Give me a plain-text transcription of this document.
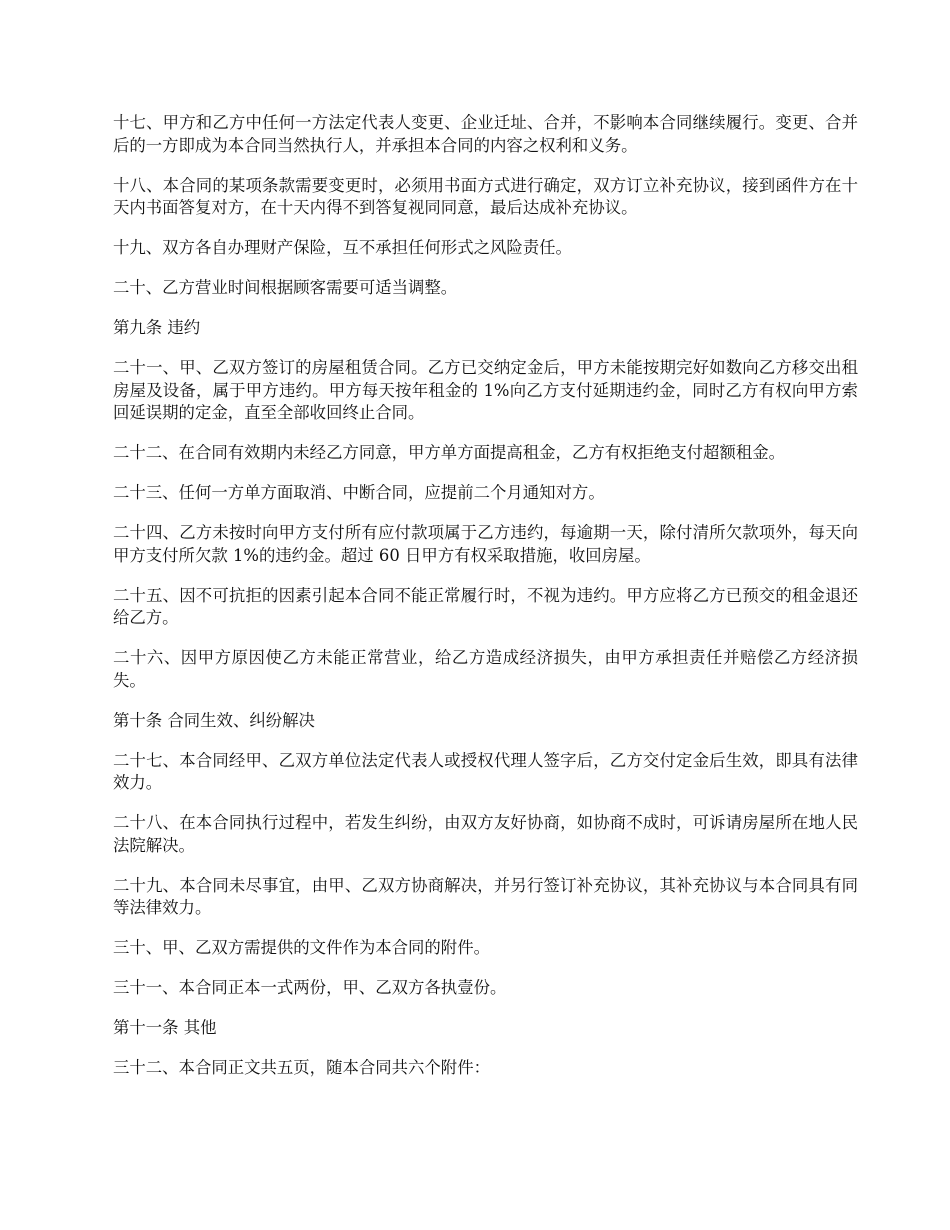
十七、甲方和乙方中任何一方法定代表人变更、企业迁址、合并，不影响本合同继续履行。变更、合并后的一方即成为本合同当然执行人，并承担本合同的内容之权利和义务。

十八、本合同的某项条款需要变更时，必须用书面方式进行确定，双方订立补充协议，接到函件方在十天内书面答复对方，在十天内得不到答复视同同意，最后达成补充协议。

十九、双方各自办理财产保险，互不承担任何形式之风险责任。

二十、乙方营业时间根据顾客需要可适当调整。

第九条 违约

二十一、甲、乙双方签订的房屋租赁合同。乙方已交纳定金后，甲方未能按期完好如数向乙方移交出租房屋及设备，属于甲方违约。甲方每天按年租金的 1%向乙方支付延期违约金，同时乙方有权向甲方索回延误期的定金，直至全部收回终止合同。

二十二、在合同有效期内未经乙方同意，甲方单方面提高租金，乙方有权拒绝支付超额租金。

二十三、任何一方单方面取消、中断合同，应提前二个月通知对方。

二十四、乙方未按时向甲方支付所有应付款项属于乙方违约，每逾期一天，除付清所欠款项外，每天向甲方支付所欠款 1%的违约金。超过 60 日甲方有权采取措施，收回房屋。

二十五、因不可抗拒的因素引起本合同不能正常履行时，不视为违约。甲方应将乙方已预交的租金退还给乙方。

二十六、因甲方原因使乙方未能正常营业，给乙方造成经济损失，由甲方承担责任并赔偿乙方经济损失。

第十条 合同生效、纠纷解决

二十七、本合同经甲、乙双方单位法定代表人或授权代理人签字后，乙方交付定金后生效，即具有法律效力。

二十八、在本合同执行过程中，若发生纠纷，由双方友好协商，如协商不成时，可诉请房屋所在地人民法院解决。

二十九、本合同未尽事宜，由甲、乙双方协商解决，并另行签订补充协议，其补充协议与本合同具有同等法律效力。

三十、甲、乙双方需提供的文件作为本合同的附件。

三十一、本合同正本一式两份，甲、乙双方各执壹份。

第十一条 其他

三十二、本合同正文共五页，随本合同共六个附件：
